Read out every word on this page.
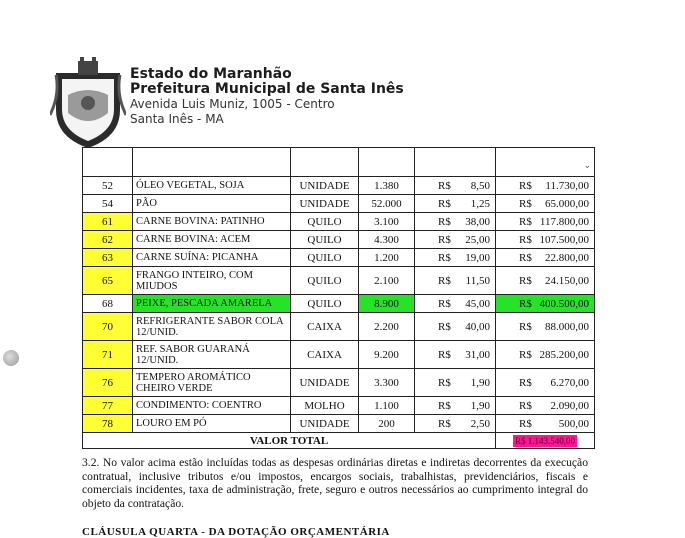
Estado do Maranhão
Prefeitura Municipal de Santa Inês
Avenida Luis Muniz, 1005 - Centro
Santa Inês - MA

					⌄

52	ÓLEO VEGETAL, SOJA	UNIDADE	1.380	R$ 8,50	R$ 11.730,00
54	PÃO	UNIDADE	52.000	R$ 1,25	R$ 65.000,00
61	CARNE BOVINA: PATINHO	QUILO	3.100	R$ 38,00	R$ 117.800,00
62	CARNE BOVINA: ACEM	QUILO	4.300	R$ 25,00	R$ 107.500,00
63	CARNE SUÍNA: PICANHA	QUILO	1.200	R$ 19,00	R$ 22.800,00
65	FRANGO INTEIRO, COM MIUDOS	QUILO	2.100	R$ 11,50	R$ 24.150,00
68	PEIXE, PESCADA AMARELA	QUILO	8.900	R$ 45,00	R$ 400.500,00
70	REFRIGERANTE SABOR COLA 12/UNID.	CAIXA	2.200	R$ 40,00	R$ 88.000,00
71	REF. SABOR GUARANÁ 12/UNID.	CAIXA	9.200	R$ 31,00	R$ 285.200,00
76	TEMPERO AROMÁTICO CHEIRO VERDE	UNIDADE	3.300	R$ 1,90	R$ 6.270,00
77	CONDIMENTO: COENTRO	MOLHO	1.100	R$ 1,90	R$ 2.090,00
78	LOURO EM PÓ	UNIDADE	200	R$ 2,50	R$ 500,00
VALOR TOTAL					R$ 1.143.540,00
3.2. No valor acima estão incluídas todas as despesas ordinárias diretas e indiretas decorrentes da execução contratual, inclusive tributos e/ou impostos, encargos sociais, trabalhistas, previdenciários, fiscais e comerciais incidentes, taxa de administração, frete, seguro e outros necessários ao cumprimento integral do objeto da contratação.
CLÁUSULA QUARTA - DA DOTAÇÃO ORÇAMENTÁRIA
